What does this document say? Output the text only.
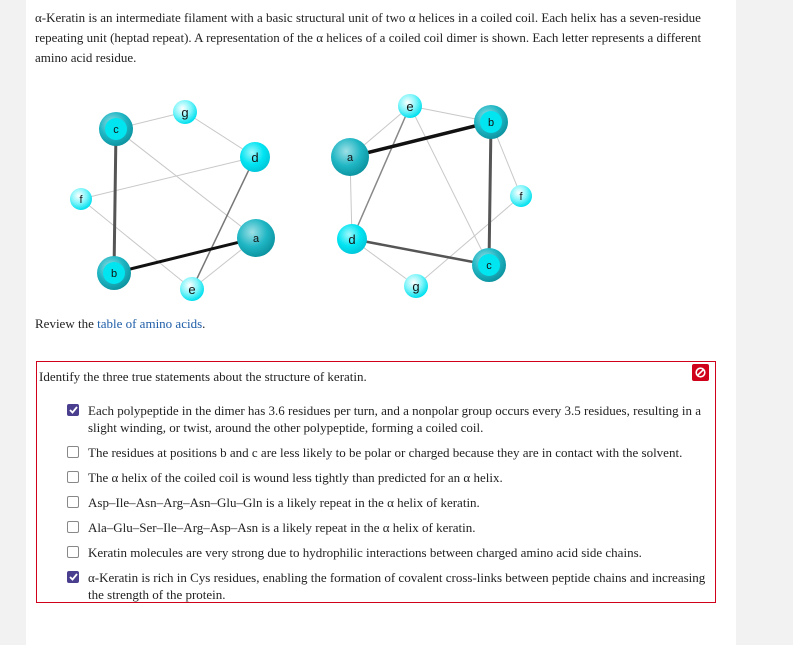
α-Keratin is an intermediate filament with a basic structural unit of two α helices in a coiled coil. Each helix has a seven-residue repeating unit (heptad repeat). A representation of the α helices of a coiled coil dimer is shown. Each letter represents a different amino acid residue.
c
g
d
f
a
b
e
e
b
a
f
d
c
g
Review the table of amino acids.
Identify the three true statements about the structure of keratin.
Each polypeptide in the dimer has 3.6 residues per turn, and a nonpolar group occurs every 3.5 residues, resulting in a slight winding, or twist, around the other polypeptide, forming a coiled coil.
The residues at positions b and c are less likely to be polar or charged because they are in contact with the solvent.
The α helix of the coiled coil is wound less tightly than predicted for an α helix.
Asp–Ile–Asn–Arg–Asn–Glu–Gln is a likely repeat in the α helix of keratin.
Ala–Glu–Ser–Ile–Arg–Asp–Asn is a likely repeat in the α helix of keratin.
Keratin molecules are very strong due to hydrophilic interactions between charged amino acid side chains.
α-Keratin is rich in Cys residues, enabling the formation of covalent cross-links between peptide chains and increasing the strength of the protein.
